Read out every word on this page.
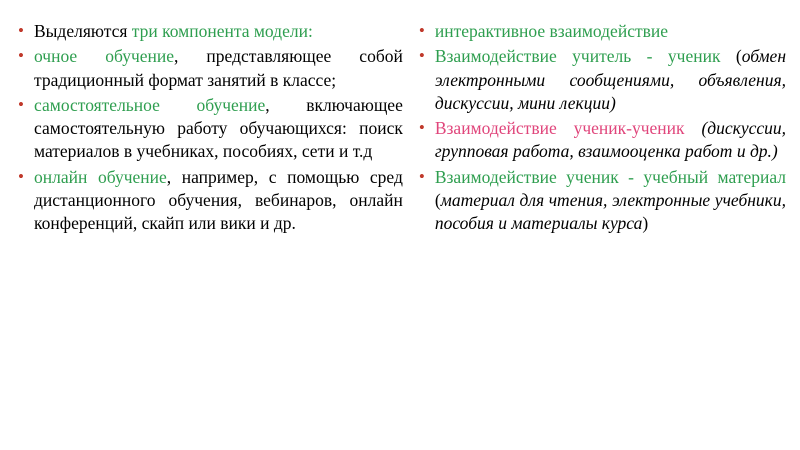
• Выделяются три компонента модели:
• очное обучение, представляющее собой традиционный формат занятий в классе;
• самостоятельное обучение, включающее самостоятельную работу обучающихся: поиск материалов в учебниках, пособиях, сети и т.д
• онлайн обучение, например, с помощью сред дистанционного обучения, вебинаров, онлайн конференций, скайп или вики и др.
• интерактивное взаимодействие
• Взаимодействие учитель - ученик (обмен электронными сообщениями, объявления, дискуссии, мини лекции)
• Взаимодействие ученик-ученик (дискуссии, групповая работа, взаимооценка работ и др.)
• Взаимодействие ученик - учебный материал (материал для чтения, электронные учебники, пособия и материалы курса)
